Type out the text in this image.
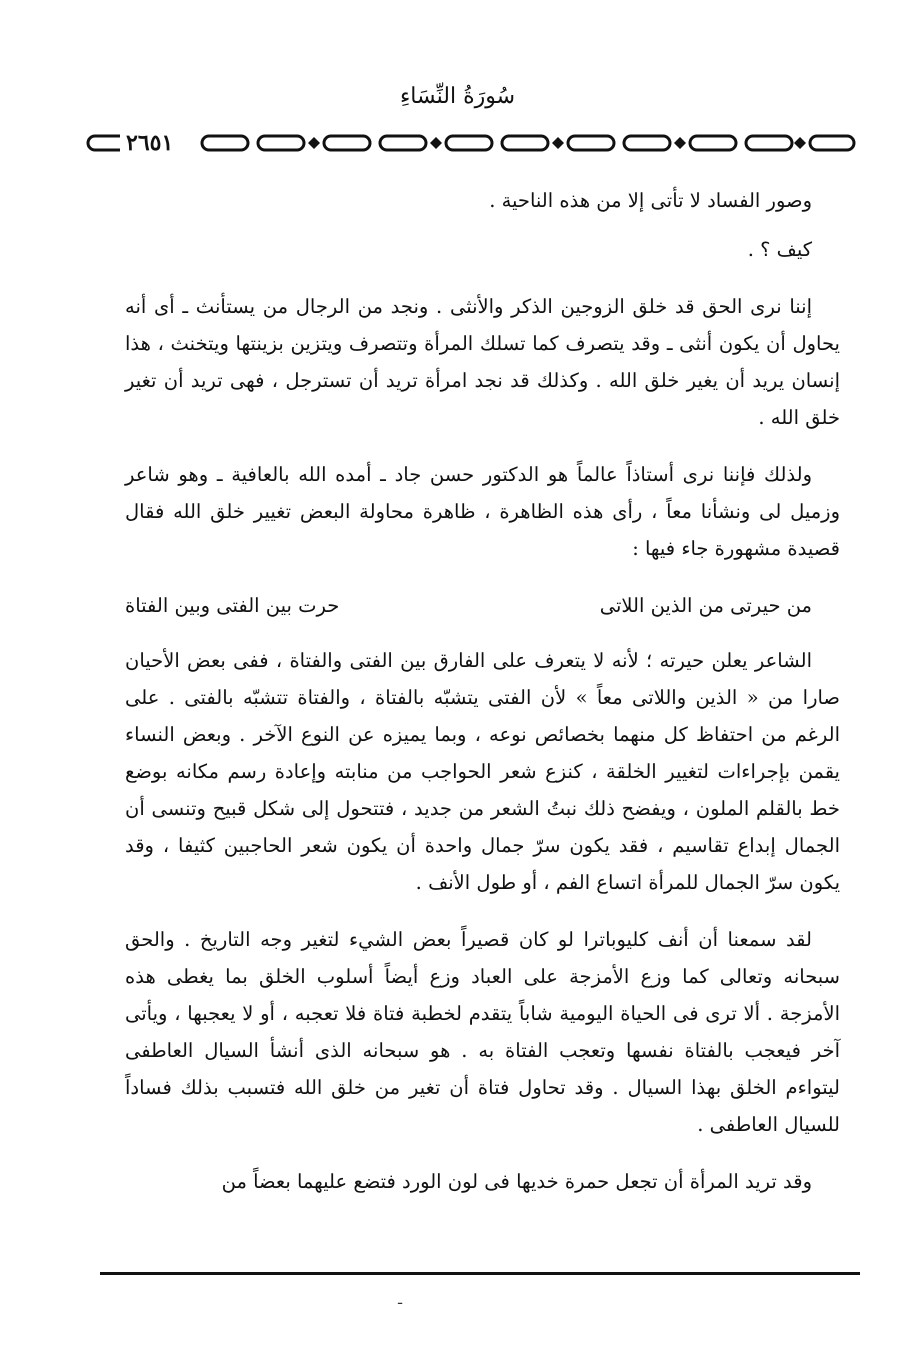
سُورَةُ النِّسَاءِ
٢٦٥١

وصور الفساد لا تأتى إلا من هذه الناحية .

كيف ؟ .

إننا نرى الحق قد خلق الزوجين الذكر والأنثى . ونجد من الرجال من يستأنث ـ أى أنه يحاول أن يكون أنثى ـ وقد يتصرف كما تسلك المرأة وتتصرف ويتزين بزينتها ويتخنث ، هذا إنسان يريد أن يغير خلق الله . وكذلك قد نجد امرأة تريد أن تسترجل ، فهى تريد أن تغير خلق الله .

ولذلك فإننا نرى أستاذاً عالماً هو الدكتور حسن جاد ـ أمده الله بالعافية ـ وهو شاعر وزميل لى ونشأنا معاً ، رأى هذه الظاهرة ، ظاهرة محاولة البعض تغيير خلق الله فقال قصيدة مشهورة جاء فيها :

من حيرتى من الذين اللاتى
حرت بين الفتى وبين الفتاة

الشاعر يعلن حيرته ؛ لأنه لا يتعرف على الفارق بين الفتى والفتاة ، ففى بعض الأحيان صارا من « الذين واللاتى معاً » لأن الفتى يتشبّه بالفتاة ، والفتاة تتشبّه بالفتى . على الرغم من احتفاظ كل منهما بخصائص نوعه ، وبما يميزه عن النوع الآخر . وبعض النساء يقمن بإجراءات لتغيير الخلقة ، كنزع شعر الحواجب من منابته وإعادة رسم مكانه بوضع خط بالقلم الملون ، ويفضح ذلك نبتُ الشعر من جديد ، فتتحول إلى شكل قبيح وتنسى أن الجمال إبداع تقاسيم ، فقد يكون سرّ جمال واحدة أن يكون شعر الحاجبين كثيفا ، وقد يكون سرّ الجمال للمرأة اتساع الفم ، أو طول الأنف .

لقد سمعنا أن أنف كليوباترا لو كان قصيراً بعض الشيء لتغير وجه التاريخ . والحق سبحانه وتعالى كما وزع الأمزجة على العباد وزع أيضاً أسلوب الخلق بما يغطى هذه الأمزجة . ألا ترى فى الحياة اليومية شاباً يتقدم لخطبة فتاة فلا تعجبه ، أو لا يعجبها ، ويأتى آخر فيعجب بالفتاة نفسها وتعجب الفتاة به . هو سبحانه الذى أنشأ السيال العاطفى ليتواءم الخلق بهذا السيال . وقد تحاول فتاة أن تغير من خلق الله فتسبب بذلك فساداً للسيال العاطفى .

وقد تريد المرأة أن تجعل حمرة خديها فى لون الورد فتضع عليهما بعضاً من

ـ
